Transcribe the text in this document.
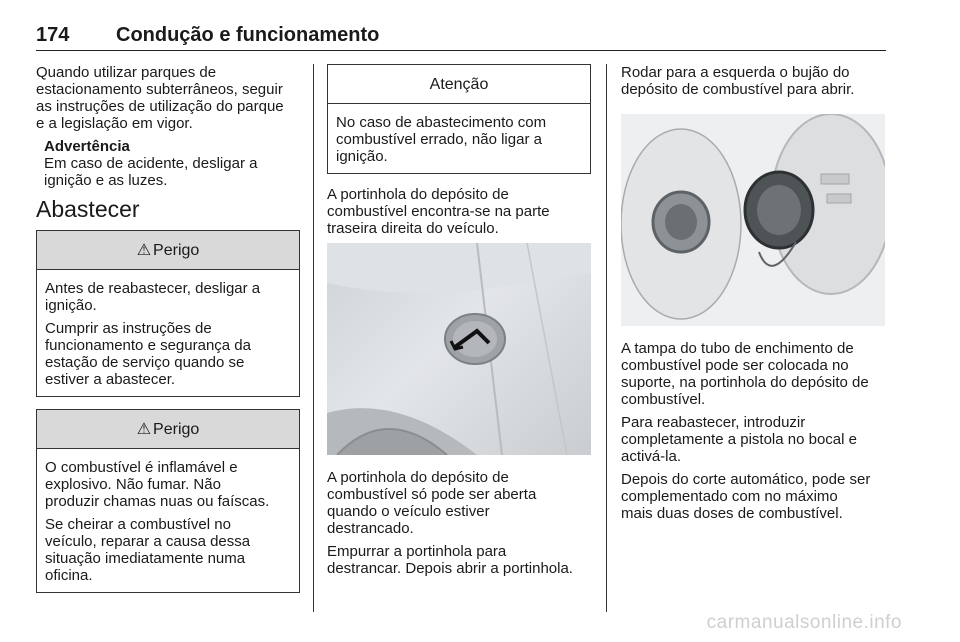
174 Condução e funcionamento

Quando utilizar parques de
estacionamento subterrâneos, seguir
as instruções de utilização do parque
e a legislação em vigor.

Advertência
Em caso de acidente, desligar a
ignição e as luzes.
Abastecer
⚠ Perigo

Antes de reabastecer, desligar a
ignição.

Cumprir as instruções de
funcionamento e segurança da
estação de serviço quando se
estiver a abastecer.

⚠ Perigo

O combustível é inflamável e
explosivo. Não fumar. Não
produzir chamas nuas ou faíscas.

Se cheirar a combustível no
veículo, reparar a causa dessa
situação imediatamente numa
oficina.

Atenção

No caso de abastecimento com
combustível errado, não ligar a
ignição.

A portinhola do depósito de
combustível encontra-se na parte
traseira direita do veículo.

A portinhola do depósito de
combustível só pode ser aberta
quando o veículo estiver
destrancado.

Empurrar a portinhola para
destrancar. Depois abrir a portinhola.

Rodar para a esquerda o bujão do
depósito de combustível para abrir.

A tampa do tubo de enchimento de
combustível pode ser colocada no
suporte, na portinhola do depósito de
combustível.

Para reabastecer, introduzir
completamente a pistola no bocal e
activá-la.

Depois do corte automático, pode ser
complementado com no máximo
mais duas doses de combustível.

carmanualsonline.info
